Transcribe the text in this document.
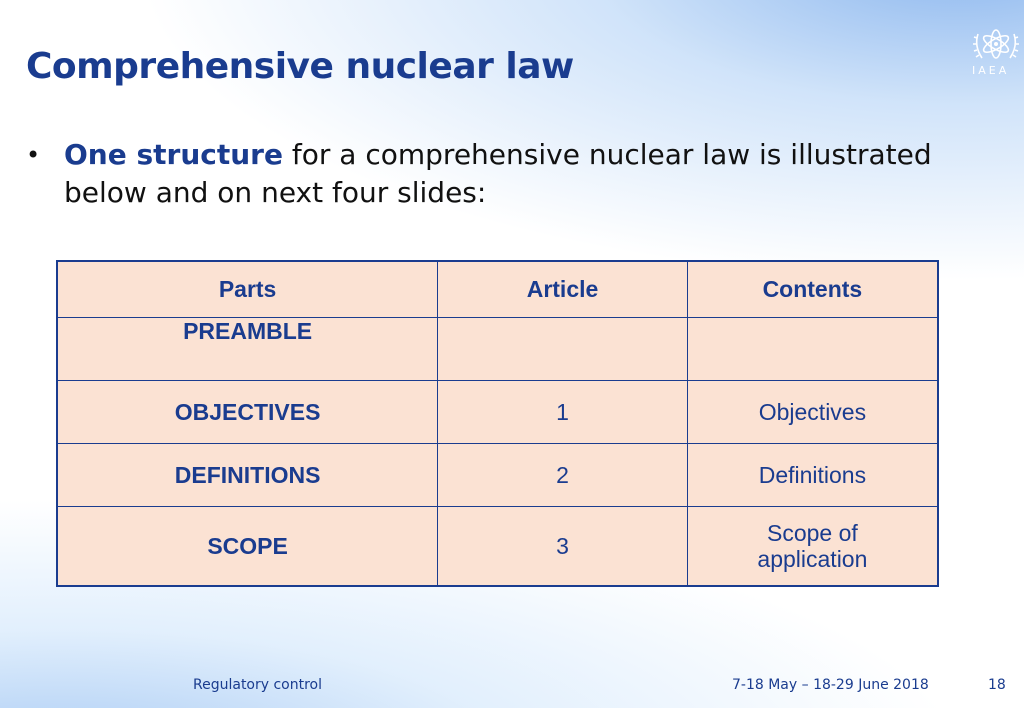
Comprehensive nuclear law	IAEA
• One structure for a comprehensive nuclear law is illustrated below and on next four slides:
Parts	Article	Contents
PREAMBLE		
OBJECTIVES	1	Objectives
DEFINITIONS	2	Definitions
SCOPE	3	Scope of application
Regulatory control	7-18 May – 18-29 June 2018	18
